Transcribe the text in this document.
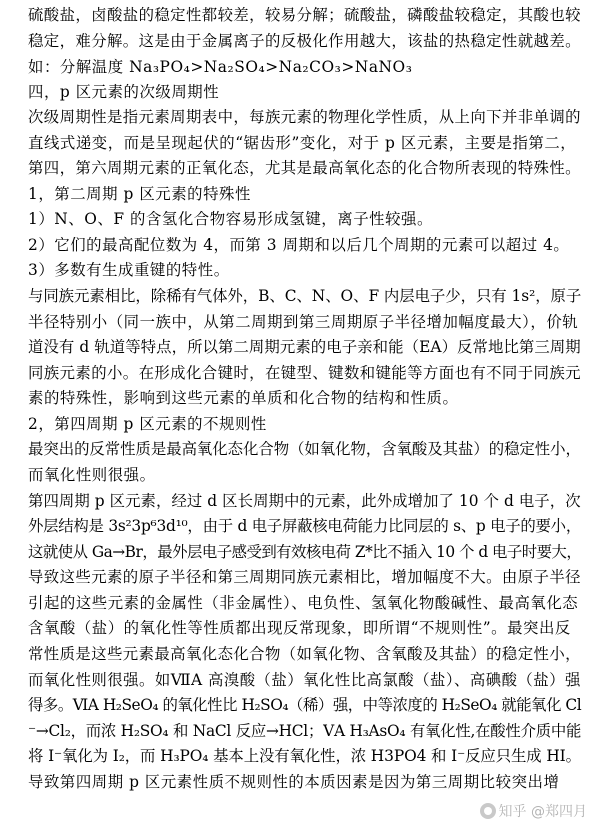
硫酸盐，卤酸盐的稳定性都较差，较易分解；硫酸盐，磷酸盐较稳定，其酸也较

稳定，难分解。这是由于金属离子的反极化作用越大，该盐的热稳定性就越差。

如：分解温度 Na₃PO₄>Na₂SO₄>Na₂CO₃>NaNO₃

四，p 区元素的次级周期性

次级周期性是指元素周期表中，每族元素的物理化学性质，从上向下并非单调的

直线式递变，而是呈现起伏的“锯齿形”变化，对于 p 区元素，主要是指第二，

第四，第六周期元素的正氧化态，尤其是最高氧化态的化合物所表现的特殊性。

1，第二周期 p 区元素的特殊性

1）N、O、F 的含氢化合物容易形成氢键，离子性较强。

2）它们的最高配位数为 4，而第 3 周期和以后几个周期的元素可以超过 4。

3）多数有生成重键的特性。

与同族元素相比，除稀有气体外，B、C、N、O、F 内层电子少，只有 1s²，原子

半径特别小（同一族中，从第二周期到第三周期原子半径增加幅度最大），价轨

道没有 d 轨道等特点，所以第二周期元素的电子亲和能（EA）反常地比第三周期

同族元素的小。在形成化合键时，在键型、键数和键能等方面也有不同于同族元

素的特殊性，影响到这些元素的单质和化合物的结构和性质。

2，第四周期 p 区元素的不规则性

最突出的反常性质是最高氧化态化合物（如氧化物，含氧酸及其盐）的稳定性小，

而氧化性则很强。

第四周期 p 区元素，经过 d 区长周期中的元素，此外成增加了 10 个 d 电子，次

外层结构是 3s²3p⁶3d¹⁰，由于 d 电子屏蔽核电荷能力比同层的 s、p 电子的要小，

这就使从 Ga→Br，最外层电子感受到有效核电荷 Z*比不插入 10 个 d 电子时要大，

导致这些元素的原子半径和第三周期同族元素相比，增加幅度不大。由原子半径

引起的这些元素的金属性（非金属性）、电负性、氢氧化物酸碱性、最高氧化态

含氧酸（盐）的氧化性等性质都出现反常现象，即所谓“不规则性”。最突出反

常性质是这些元素最高氧化态化合物（如氧化物、含氧酸及其盐）的稳定性小，

而氧化性则很强。如ⅦA 高溴酸（盐）氧化性比高氯酸（盐）、高碘酸（盐）强

得多。ⅥA H₂SeO₄ 的氧化性比 H₂SO₄（稀）强，中等浓度的 H₂SeO₄ 就能氧化 Cl

⁻→Cl₂，而浓 H₂SO₄ 和 NaCl 反应→HCl；ⅤA H₃AsO₄ 有氧化性,在酸性介质中能

将 I⁻氧化为 I₂，而 H₃PO₄ 基本上没有氧化性，浓 H3PO4 和 I⁻反应只生成 HI。

导致第四周期 p 区元素性质不规则性的本质因素是因为第三周期比较突出增

知乎 @郑四月
